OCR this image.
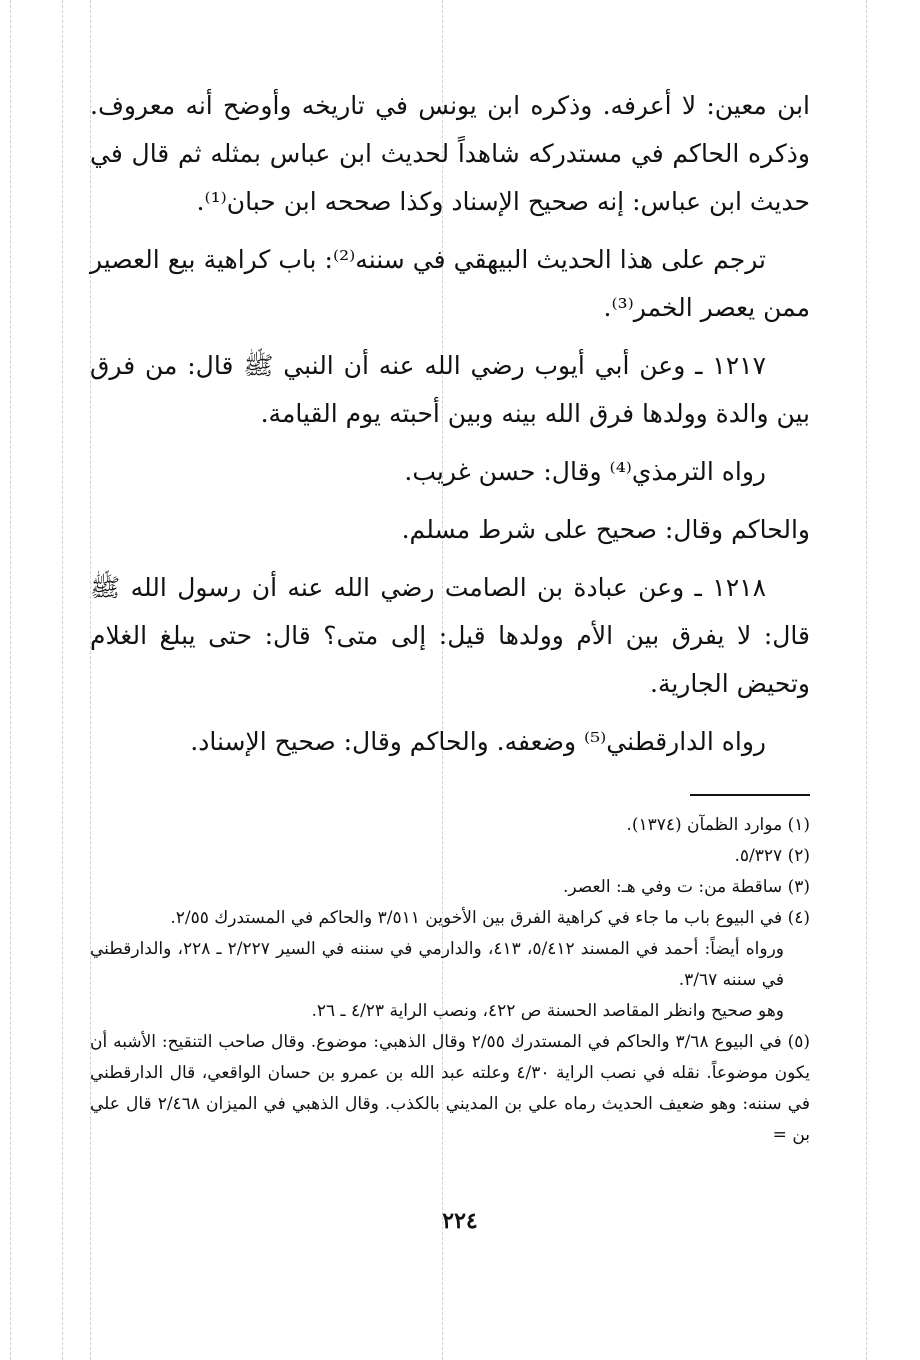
ابن معين: لا أعرفه. وذكره ابن يونس في تاريخه وأوضح أنه معروف. وذكره الحاكم في مستدركه شاهداً لحديث ابن عباس بمثله ثم قال في حديث ابن عباس: إنه صحيح الإسناد وكذا صححه ابن حبان⁽¹⁾.

ترجم على هذا الحديث البيهقي في سننه⁽²⁾: باب كراهية بيع العصير ممن يعصر الخمر⁽³⁾.

١٢١٧ ـ وعن أبي أيوب رضي الله عنه أن النبي ﷺ قال: من فرق بين والدة وولدها فرق الله بينه وبين أحبته يوم القيامة.

رواه الترمذي⁽⁴⁾ وقال: حسن غريب.

والحاكم وقال: صحيح على شرط مسلم.

١٢١٨ ـ وعن عبادة بن الصامت رضي الله عنه أن رسول الله ﷺ قال: لا يفرق بين الأم وولدها قيل: إلى متى؟ قال: حتى يبلغ الغلام وتحيض الجارية.

رواه الدارقطني⁽⁵⁾ وضعفه. والحاكم وقال: صحيح الإسناد.

(١) موارد الظمآن (١٣٧٤).

(٢) ٥/٣٢٧.

(٣) ساقطة من: ت وفي هـ: العصر.

(٤) في البيوع باب ما جاء في كراهية الفرق بين الأخوين ٣/٥١١ والحاكم في المستدرك ٢/٥٥.

ورواه أيضاً: أحمد في المسند ٥/٤١٢، ٤١٣، والدارمي في سننه في السير ٢/٢٢٧ ـ ٢٢٨، والدارقطني في سننه ٣/٦٧.

وهو صحيح وانظر المقاصد الحسنة ص ٤٢٢، ونصب الراية ٤/٢٣ ـ ٢٦.

(٥) في البيوع ٣/٦٨ والحاكم في المستدرك ٢/٥٥ وقال الذهبي: موضوع. وقال صاحب التنقيح: الأشبه أن يكون موضوعاً. نقله في نصب الراية ٤/٣٠ وعلته عبد الله بن عمرو بن حسان الواقعي، قال الدارقطني في سننه: وهو ضعيف الحديث رماه علي بن المديني بالكذب. وقال الذهبي في الميزان ٢/٤٦٨ قال علي بن =

٢٢٤
